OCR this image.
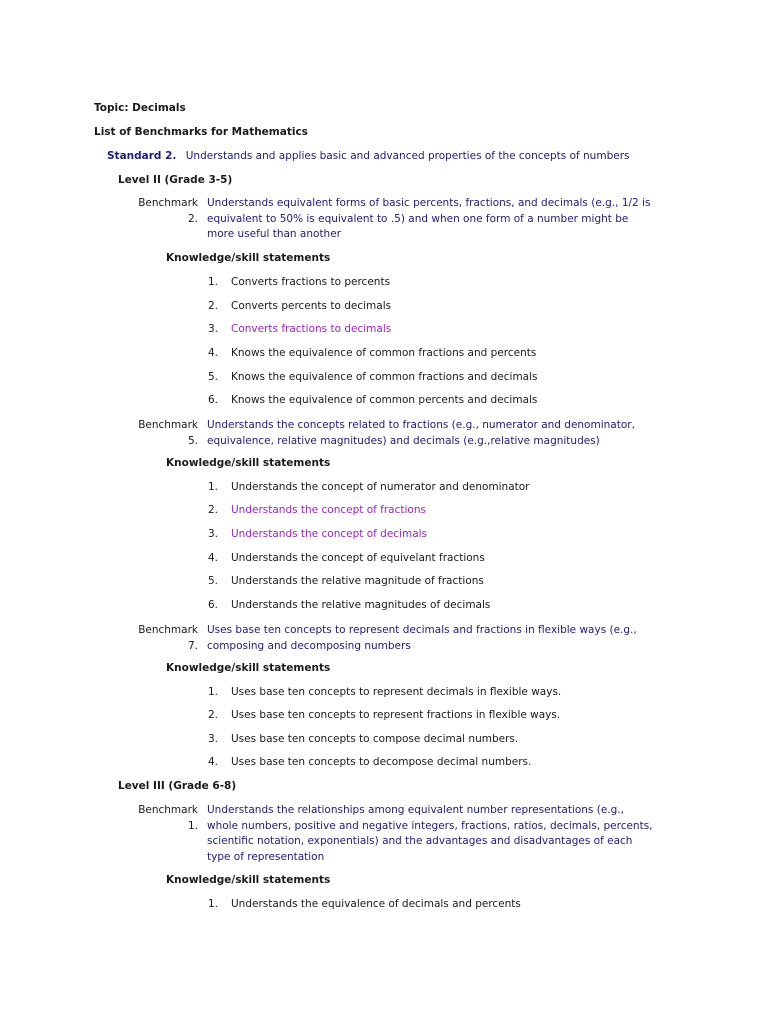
Topic: Decimals
List of Benchmarks for Mathematics
Standard 2. Understands and applies basic and advanced properties of the concepts of numbers
Level II (Grade 3-5)
Benchmark
2.
Understands equivalent forms of basic percents, fractions, and decimals (e.g., 1/2 is equivalent to 50% is equivalent to .5) and when one form of a number might be more useful than another
Knowledge/skill statements
1. Converts fractions to percents
2. Converts percents to decimals
3. Converts fractions to decimals
4. Knows the equivalence of common fractions and percents
5. Knows the equivalence of common fractions and decimals
6. Knows the equivalence of common percents and decimals
Benchmark
5.
Understands the concepts related to fractions (e.g., numerator and denominator, equivalence, relative magnitudes) and decimals (e.g.,relative magnitudes)
Knowledge/skill statements
1. Understands the concept of numerator and denominator
2. Understands the concept of fractions
3. Understands the concept of decimals
4. Understands the concept of equivelant fractions
5. Understands the relative magnitude of fractions
6. Understands the relative magnitudes of decimals
Benchmark
7.
Uses base ten concepts to represent decimals and fractions in flexible ways (e.g., composing and decomposing numbers
Knowledge/skill statements
1. Uses base ten concepts to represent decimals in flexible ways.
2. Uses base ten concepts to represent fractions in flexible ways.
3. Uses base ten concepts to compose decimal numbers.
4. Uses base ten concepts to decompose decimal numbers.
Level III (Grade 6-8)
Benchmark
1.
Understands the relationships among equivalent number representations (e.g., whole numbers, positive and negative integers, fractions, ratios, decimals, percents, scientific notation, exponentials) and the advantages and disadvantages of each type of representation
Knowledge/skill statements
1. Understands the equivalence of decimals and percents
